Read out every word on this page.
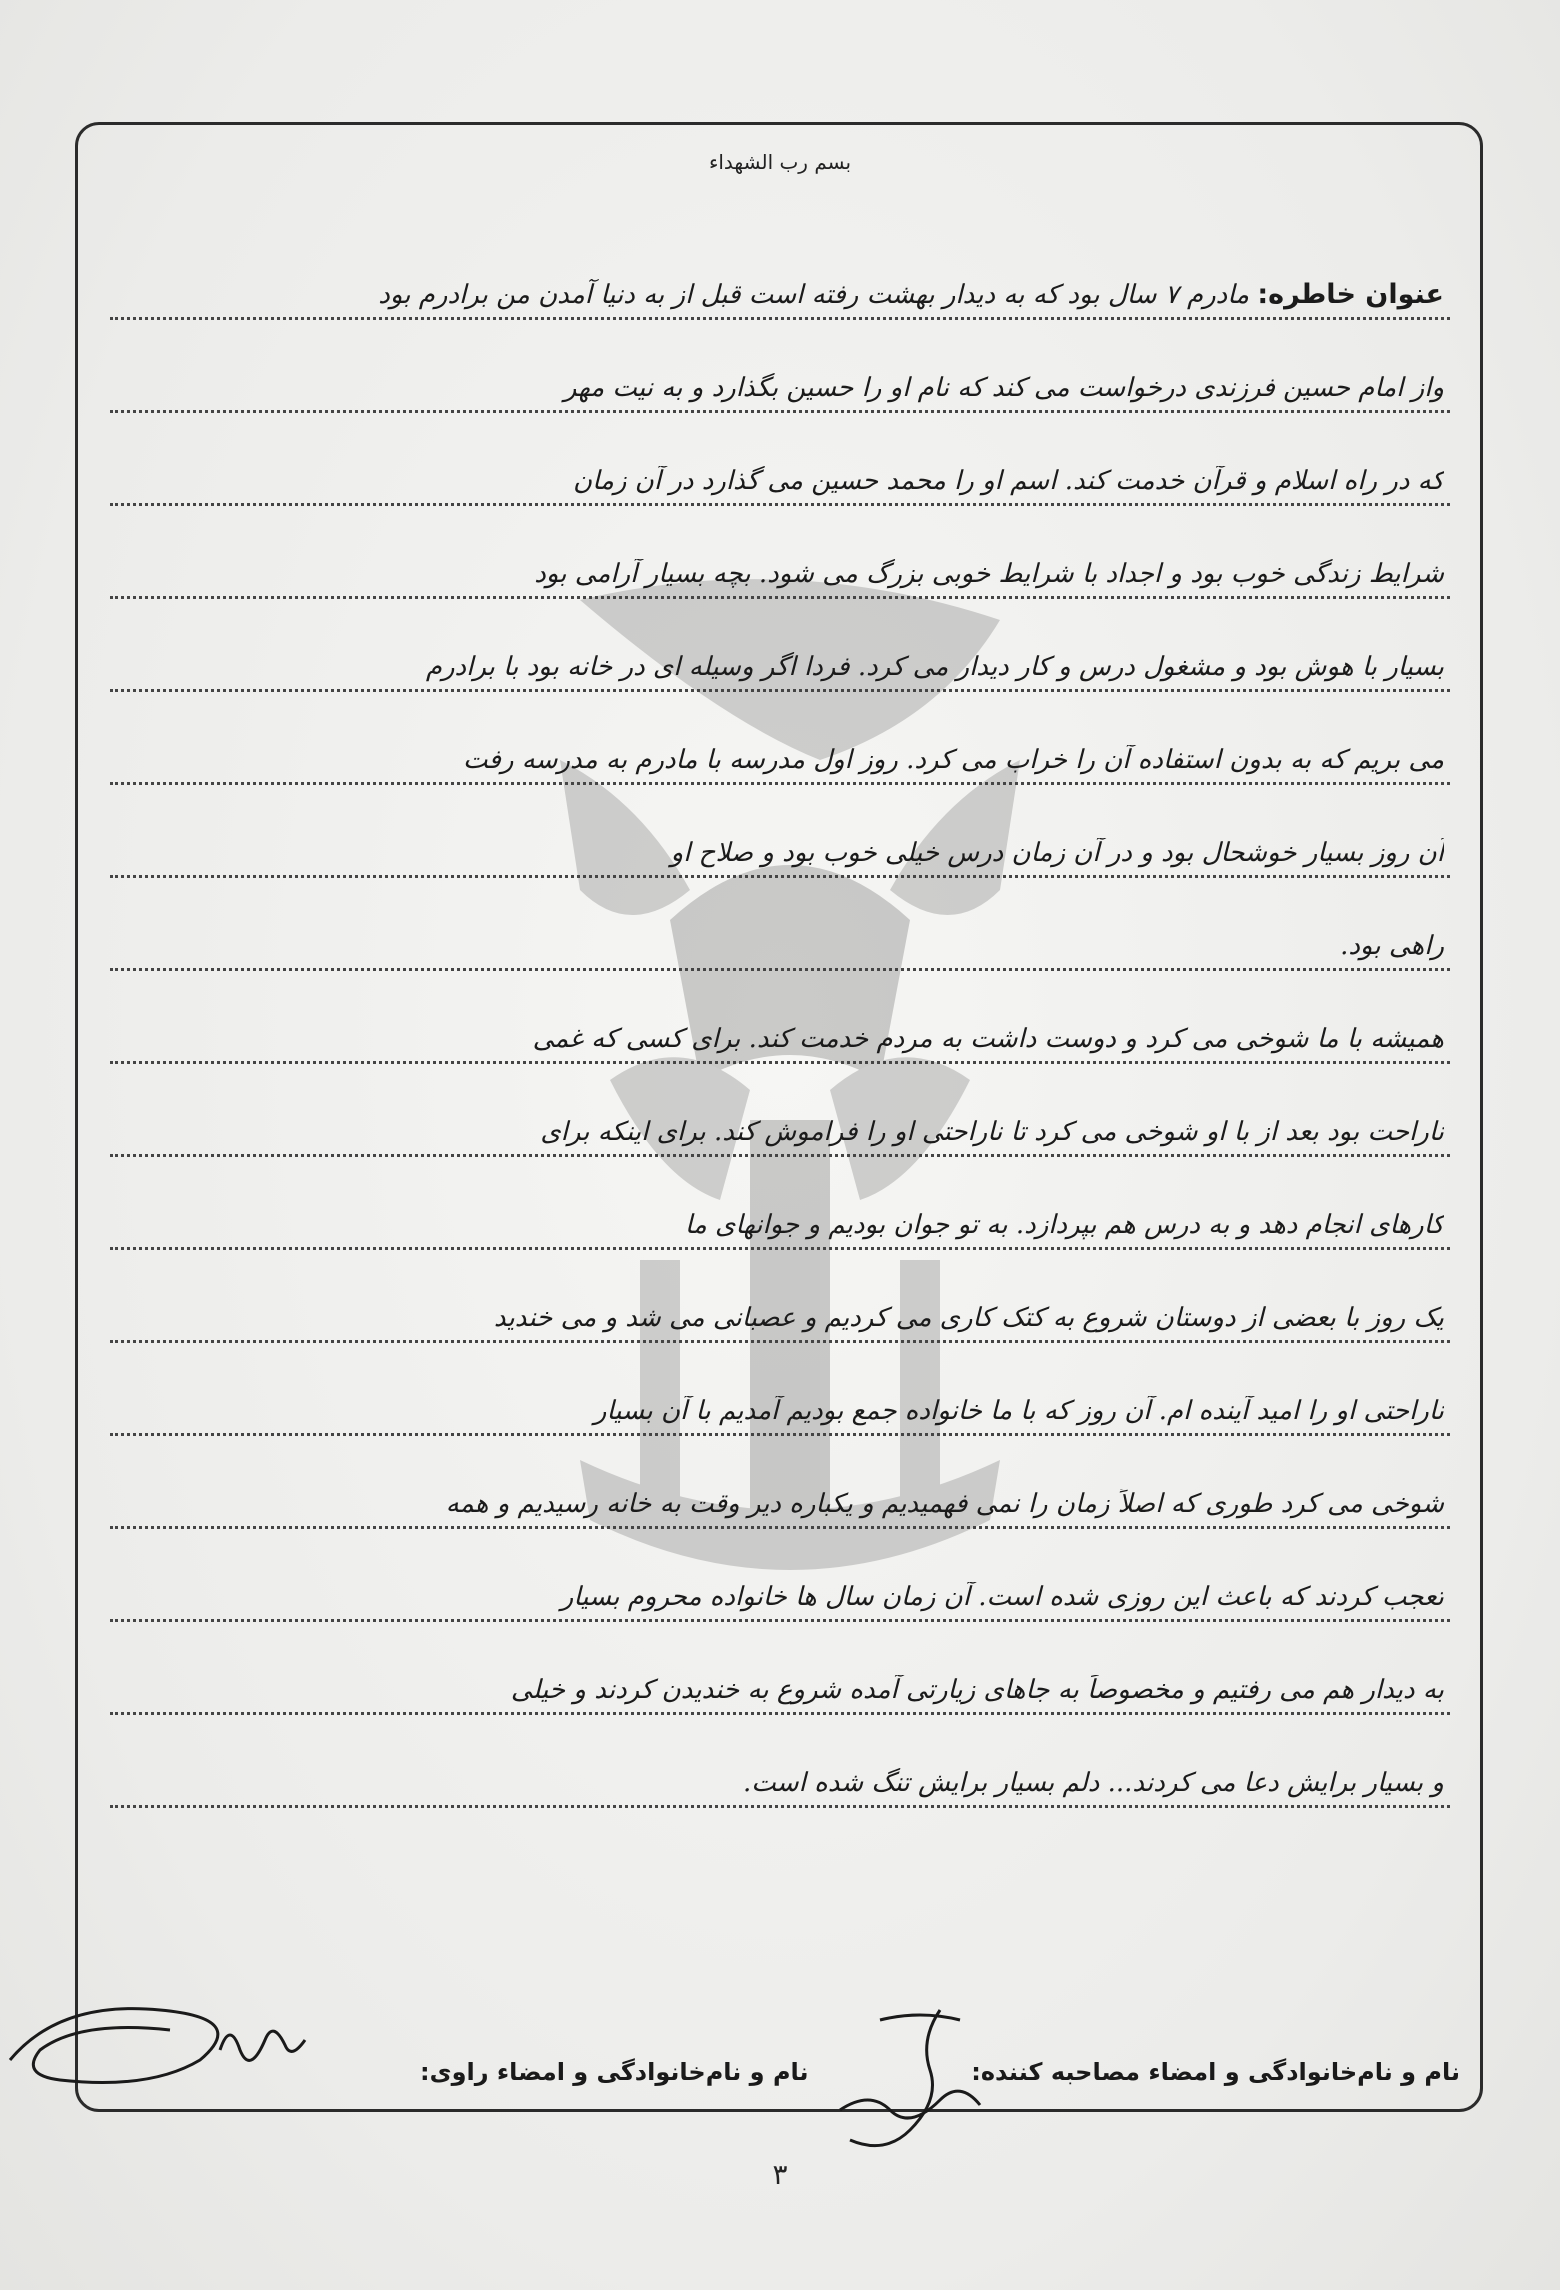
بسم رب الشهداء
عنوان خاطره: مادرم ۷ سال بود که به دیدار بهشت رفته است قبل از به دنیا آمدن من برادرم بود
واز امام حسین فرزندی درخواست می کند که نام او را حسین بگذارد و به نیت مهر
که در راه اسلام و قرآن خدمت کند. اسم او را محمد حسین می گذارد در آن زمان
شرایط زندگی خوب بود و اجداد با شرایط خوبی بزرگ می شود. بچه بسیار آرامی بود
بسیار با هوش بود و مشغول درس و کار دیدار می کرد. فردا اگر وسیله ای در خانه بود با برادرم
می بریم که به بدون استفاده آن را خراب می کرد. روز اول مدرسه با مادرم به مدرسه رفت
آن روز بسیار خوشحال بود و در آن زمان درس خیلی خوب بود و صلاح او
راهی بود.
همیشه با ما شوخی می کرد و دوست داشت به مردم خدمت کند. برای کسی که غمی
ناراحت بود بعد از با او شوخی می کرد تا ناراحتی او را فراموش کند. برای اینکه برای
کارهای انجام دهد و به درس هم بپردازد. به تو جوان بودیم و جوانهای ما
یک روز با بعضی از دوستان شروع به کتک کاری می کردیم و عصبانی می شد و می خندید
ناراحتی او را امید آینده ام. آن روز که با ما خانواده جمع بودیم آمدیم با آن بسیار
شوخی می کرد طوری که اصلاً زمان را نمی فهمیدیم و یکباره دیر وقت به خانه رسیدیم و همه
تعجب کردند که باعث این روزی شده است. آن زمان سال ها خانواده محروم بسیار
به دیدار هم می رفتیم و مخصوصاً به جاهای زیارتی آمده شروع به خندیدن کردند و خیلی
و بسیار برایش دعا می کردند... دلم بسیار برایش تنگ شده است.
نام و نام‌خانوادگی و امضاء مصاحبه کننده:
نام و نام‌خانوادگی و امضاء راوی:
۳
